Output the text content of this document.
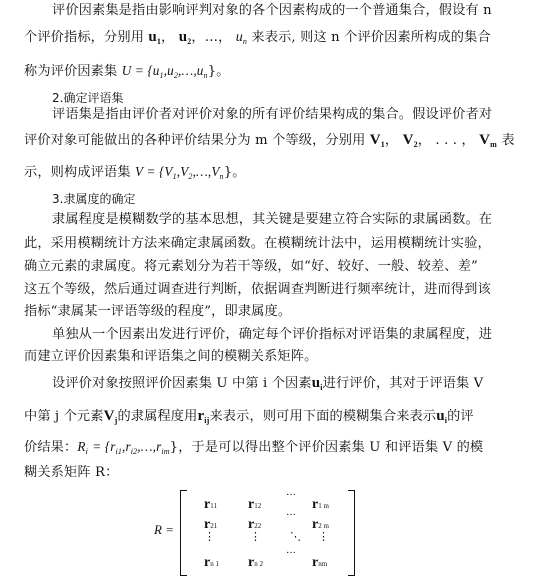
评价因素集是指由影响评判对象的各个因素构成的一个普通集合，假设有 n
个评价指标，分别用 $u_1$， $u_2$，…， $u_n$ 来表示, 则这 n 个评价因素所构成的集合
称为评价因素集 $U = \{u_1,u_2,\dots,u_n\}$。
2.确定评语集
评语集是指由评价者对评价对象的所有评价结果构成的集合。假设评价者对
评价对象可能做出的各种评价结果分为 m 个等级，分别用 $V_1$， $V_2$， . . . ， $V_m$ 表
示，则构成评语集 $V = \{V_1,V_2,\dots,V_n\}$。
3.隶属度的确定
隶属程度是模糊数学的基本思想，其关键是要建立符合实际的隶属函数。在
此，采用模糊统计方法来确定隶属函数。在模糊统计法中，运用模糊统计实验，
确立元素的隶属度。将元素划分为若干等级，如“好、较好、一般、较差、差”
这五个等级，然后通过调查进行判断，依据调查判断进行频率统计，进而得到该
指标“隶属某一评语等级的程度”，即隶属度。
单独从一个因素出发进行评价，确定每个评价指标对评语集的隶属程度，进
而建立评价因素集和评语集之间的模糊关系矩阵。
设评价对象按照评价因素集 U 中第 i 个因素$u_i$进行评价，其对于评语集 V
中第 j 个元素$V_j$的隶属程度用$r_{ij}$来表示，则可用下面的模糊集合来表示$u_i$的评
价结果：$R_i$ = $\{r_{i1},r_{i2},\dots,r_{im}\}$，于是可以得出整个评价因素集 U 和评语集 V 的模
糊关系矩阵 R：
R =
r11 r12
···
r1 m
r21 r22
···
r2 m
⋮	⋮	⋱ ⋮
rn 1 rn 2
···
rnm
